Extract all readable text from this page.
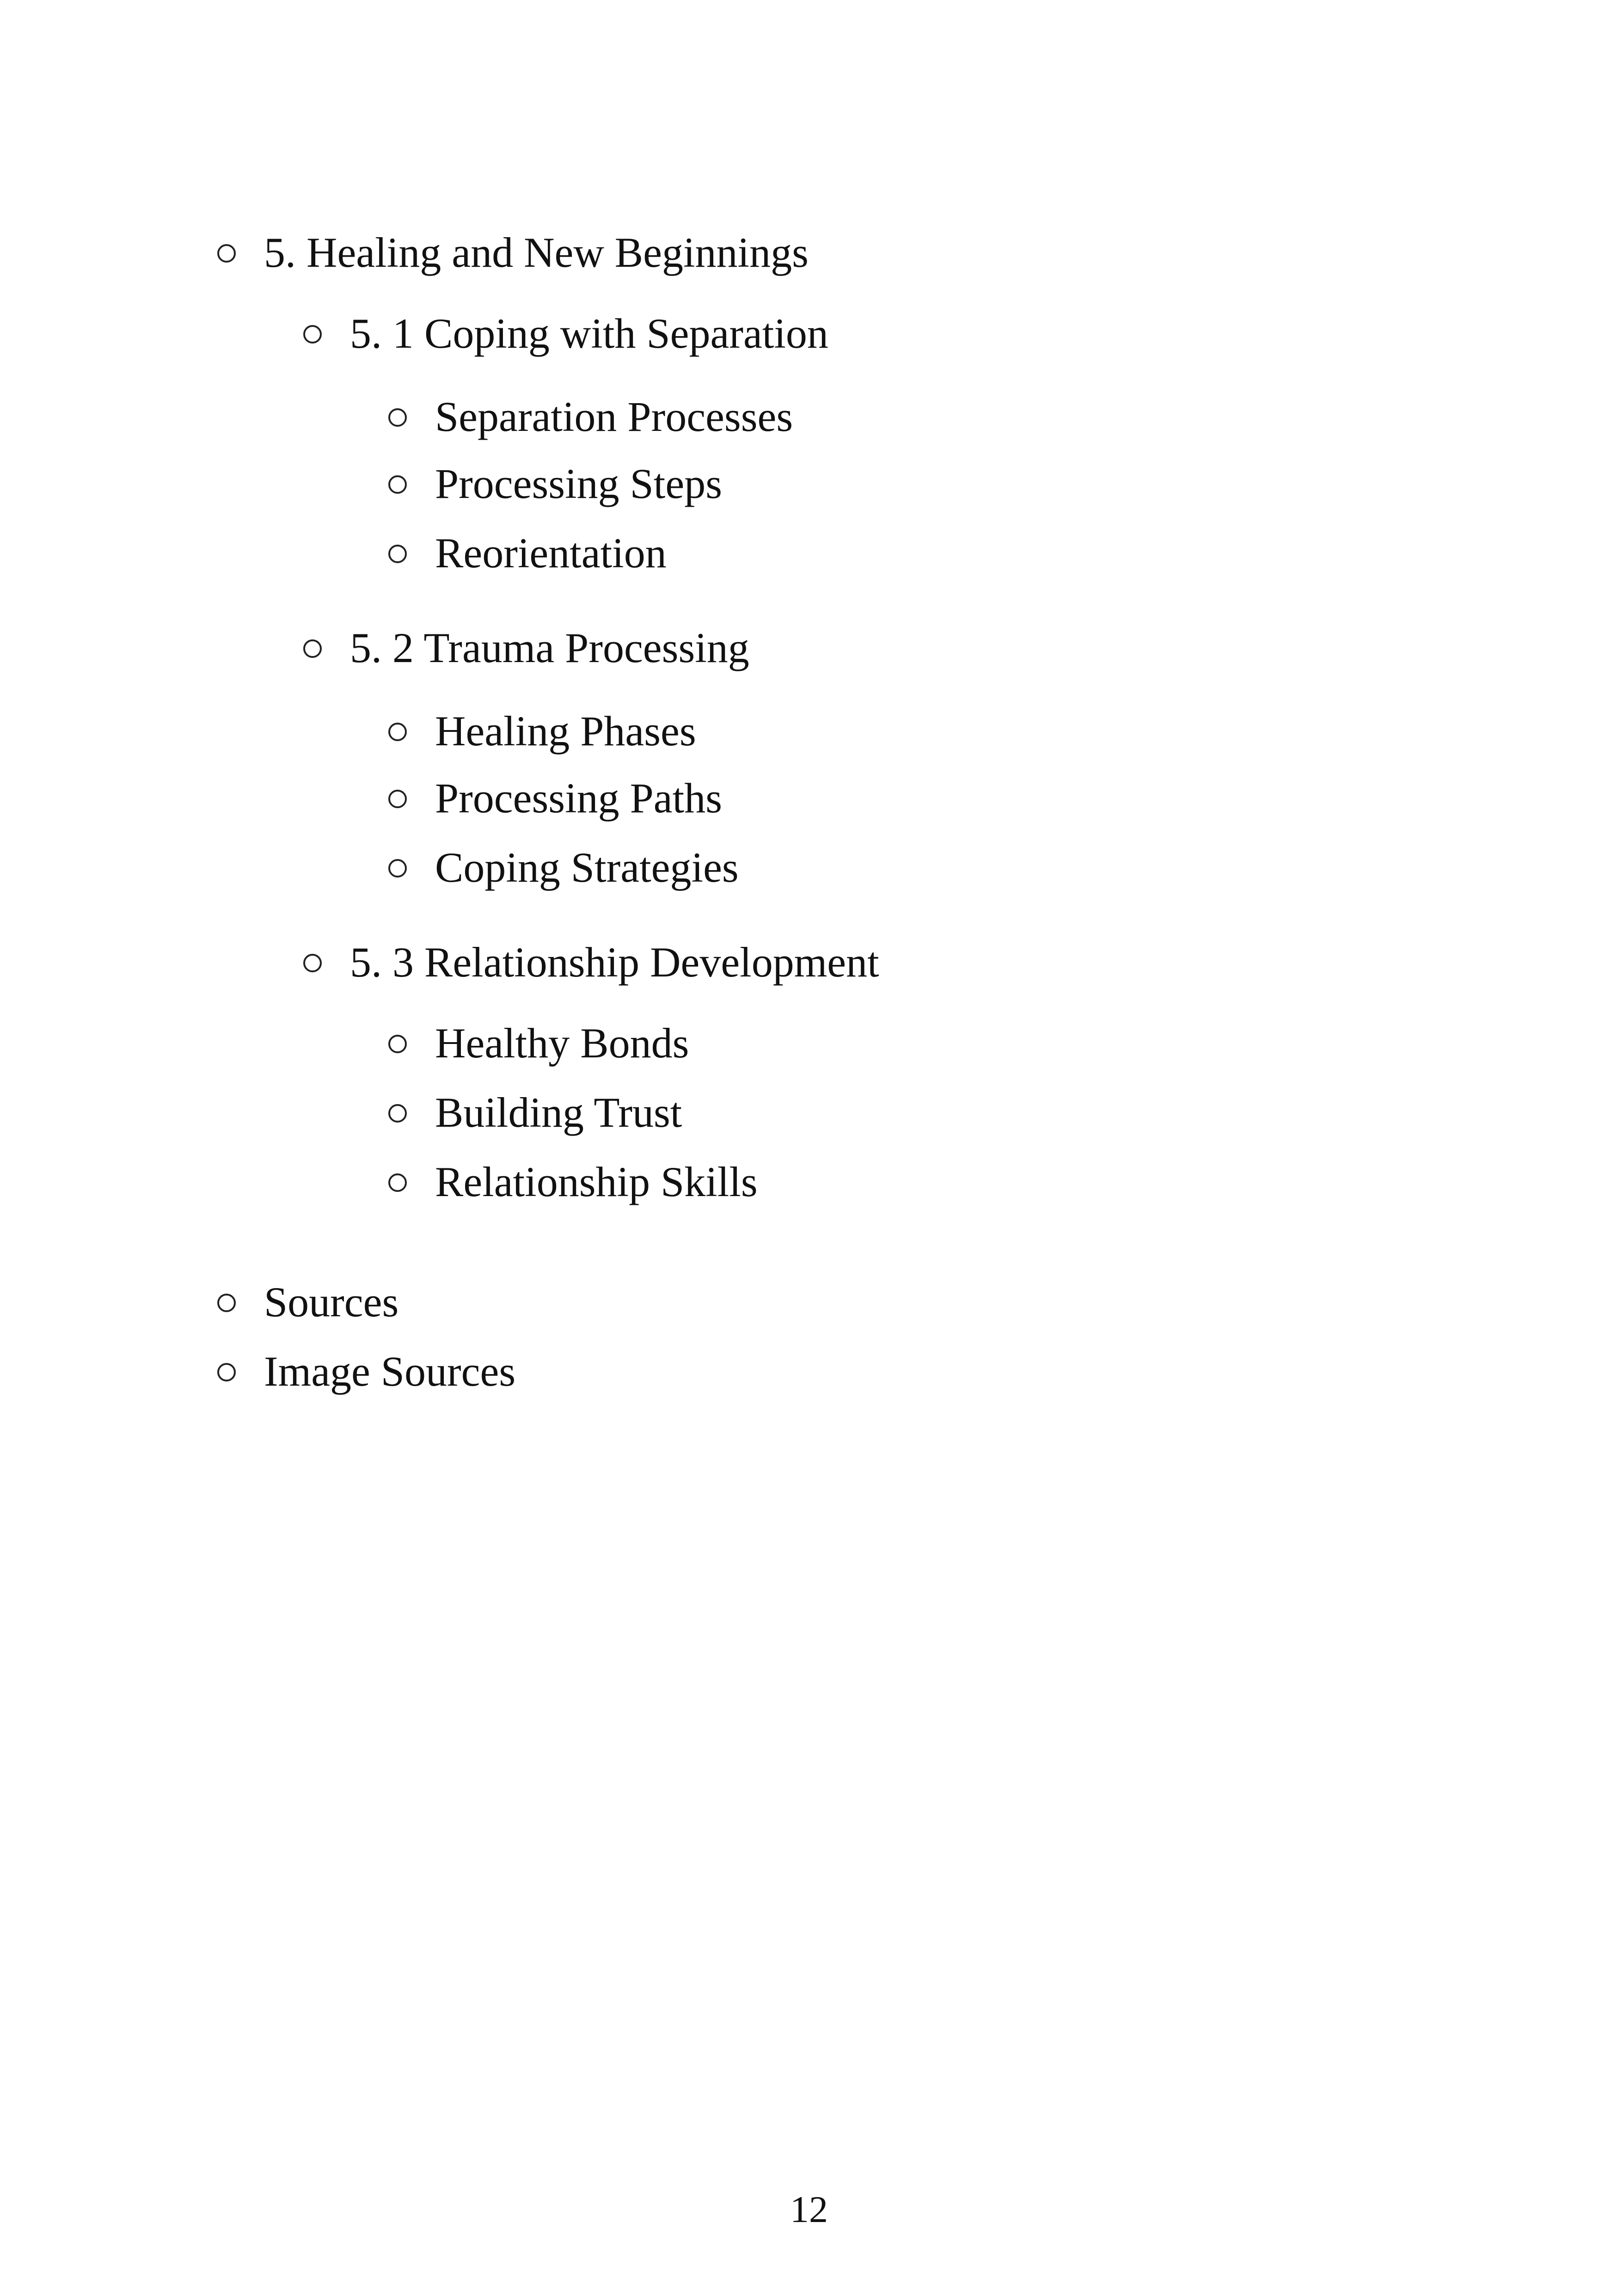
5. Healing and New Beginnings
5. 1 Coping with Separation
Separation Processes
Processing Steps
Reorientation
5. 2 Trauma Processing
Healing Phases
Processing Paths
Coping Strategies
5. 3 Relationship Development
Healthy Bonds
Building Trust
Relationship Skills
Sources
Image Sources
12
